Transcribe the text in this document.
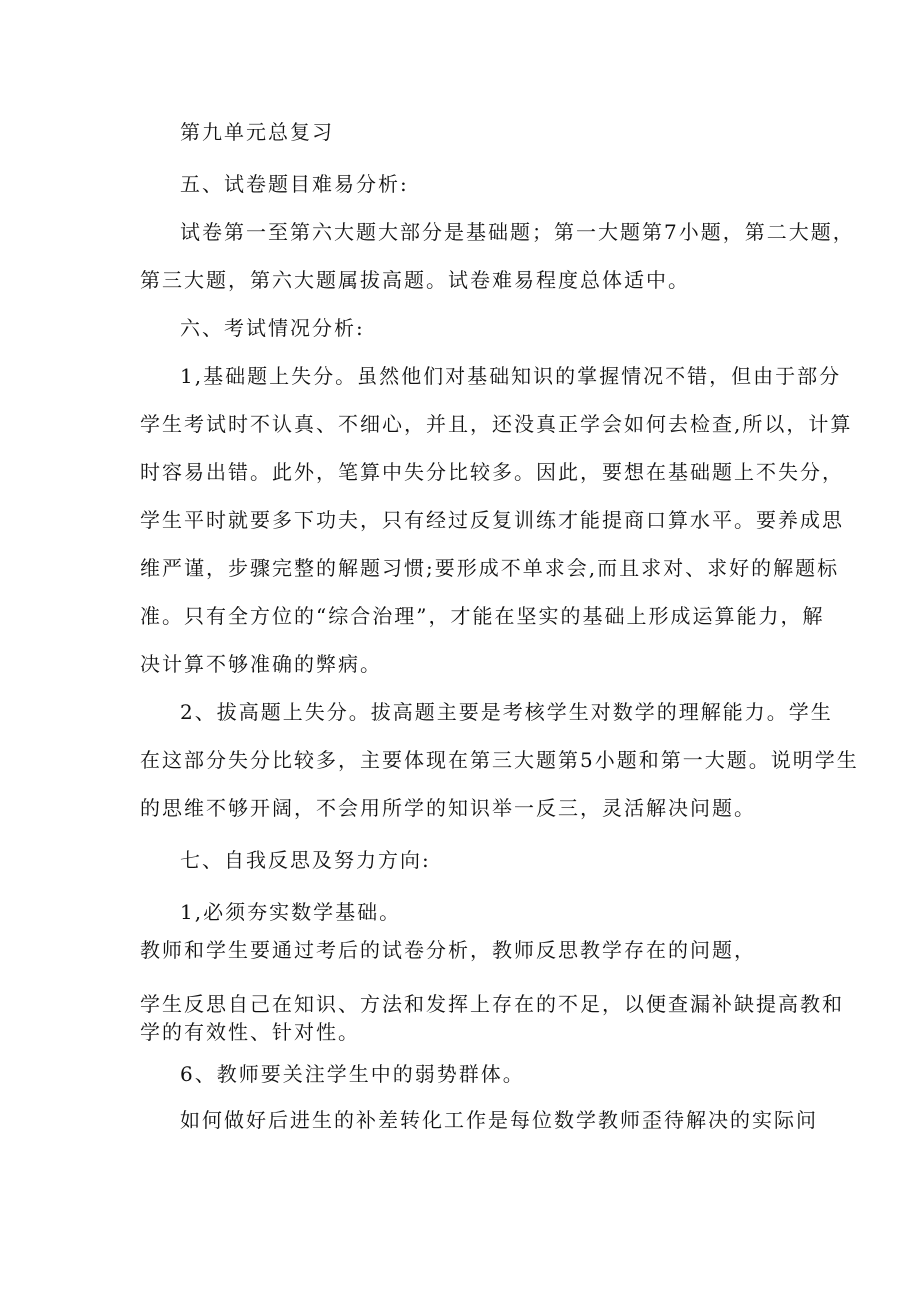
第九单元总复习
五、试卷题目难易分析:
试卷第一至第六大题大部分是基础题；第一大题第7小题，第二大题，
第三大题，第六大题属拔高题。试卷难易程度总体适中。
六、考试情况分析:
1,基础题上失分。虽然他们对基础知识的掌握情况不错，但由于部分
学生考试时不认真、不细心，并且，还没真正学会如何去检查,所以，计算
时容易出错。此外，笔算中失分比较多。因此，要想在基础题上不失分，
学生平时就要多下功夫，只有经过反复训练才能提商口算水平。要养成思
维严谨，步骤完整的解题习惯;要形成不单求会,而且求对、求好的解题标
准。只有全方位的“综合治理”，才能在坚实的基础上形成运算能力，解
决计算不够准确的弊病。
2、拔高题上失分。拔高题主要是考核学生对数学的理解能力。学生
在这部分失分比较多，主要体现在第三大题第5小题和第一大题。说明学生
的思维不够开阔，不会用所学的知识举一反三，灵活解决问题。
七、自我反思及努力方向:
1,必须夯实数学基础。
教师和学生要通过考后的试卷分析，教师反思教学存在的问题，
学生反思自己在知识、方法和发挥上存在的不足，以便查漏补缺提高教和
学的有效性、针对性。
6、教师要关注学生中的弱势群体。
如何做好后进生的补差转化工作是每位数学教师歪待解决的实际问
